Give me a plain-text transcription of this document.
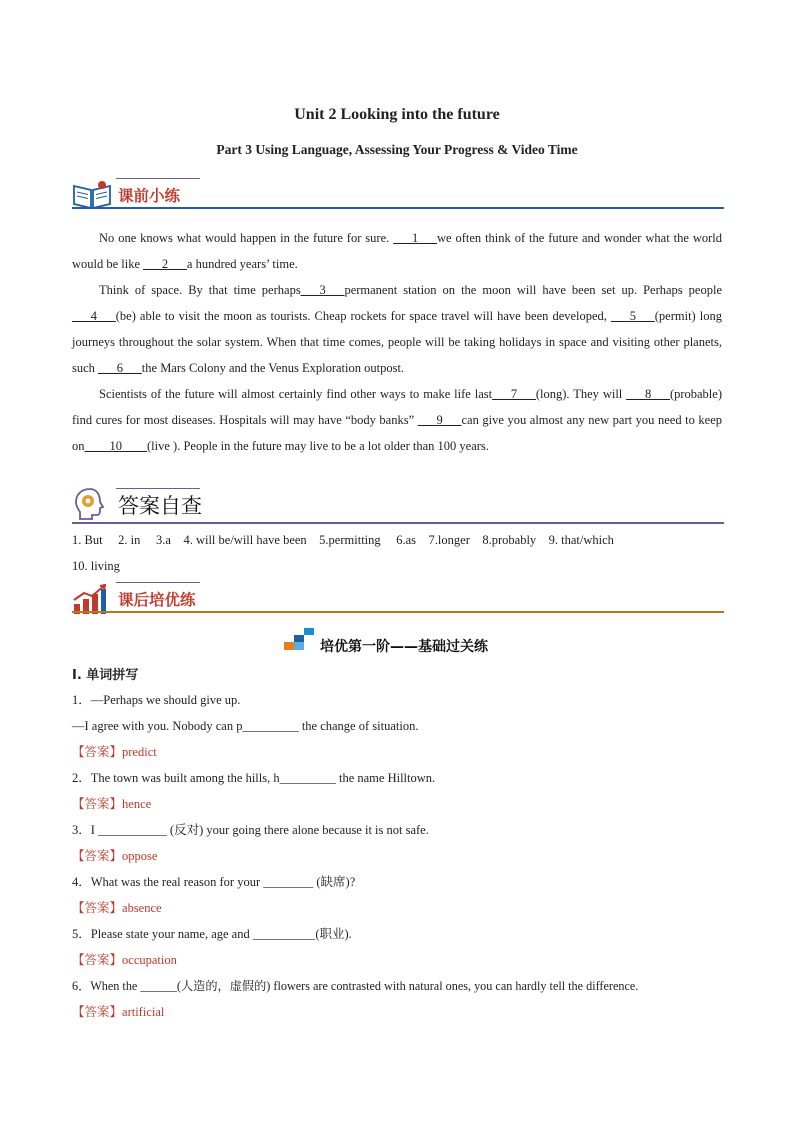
Unit 2 Looking into the future
Part 3 Using Language, Assessing Your Progress & Video Time
课前小练

No one knows what would happen in the future for sure. ___1___we often think of the future and wonder what the world would be like ___2___a hundred years’ time.

Think of space. By that time perhaps___3___permanent station on the moon will have been set up. Perhaps people ___4___(be) able to visit the moon as tourists. Cheap rockets for space travel will have been developed, ___5___(permit) long journeys throughout the solar system. When that time comes, people will be taking holidays in space and visiting other planets, such ___6___the Mars Colony and the Venus Exploration outpost.

Scientists of the future will almost certainly find other ways to make life last___7___(long). They will ___8___(probable) find cures for most diseases. Hospitals will may have “body banks” ___9___can give you almost any new part you need to keep on____10____(live ). People in the future may live to be a lot older than 100 years.

答案自查
1. But     2. in     3.a    4. will be/will have been    5.permitting     6.as    7.longer    8.probably    9. that/which
10. living
课后培优练
培优第一阶——基础过关练
I. 单词拼写
1．—Perhaps we should give up.
—I agree with you. Nobody can p_________ the change of situation.
【答案】predict
2．The town was built among the hills, h_________ the name Hilltown.
【答案】hence
3．I ___________ (反对) your going there alone because it is not safe.
【答案】oppose
4．What was the real reason for your ________ (缺席)?
【答案】absence
5．Please state your name, age and __________(职业).
【答案】occupation
6．When the ______(人造的，虚假的) flowers are contrasted with natural ones, you can hardly tell the difference.
【答案】artificial
